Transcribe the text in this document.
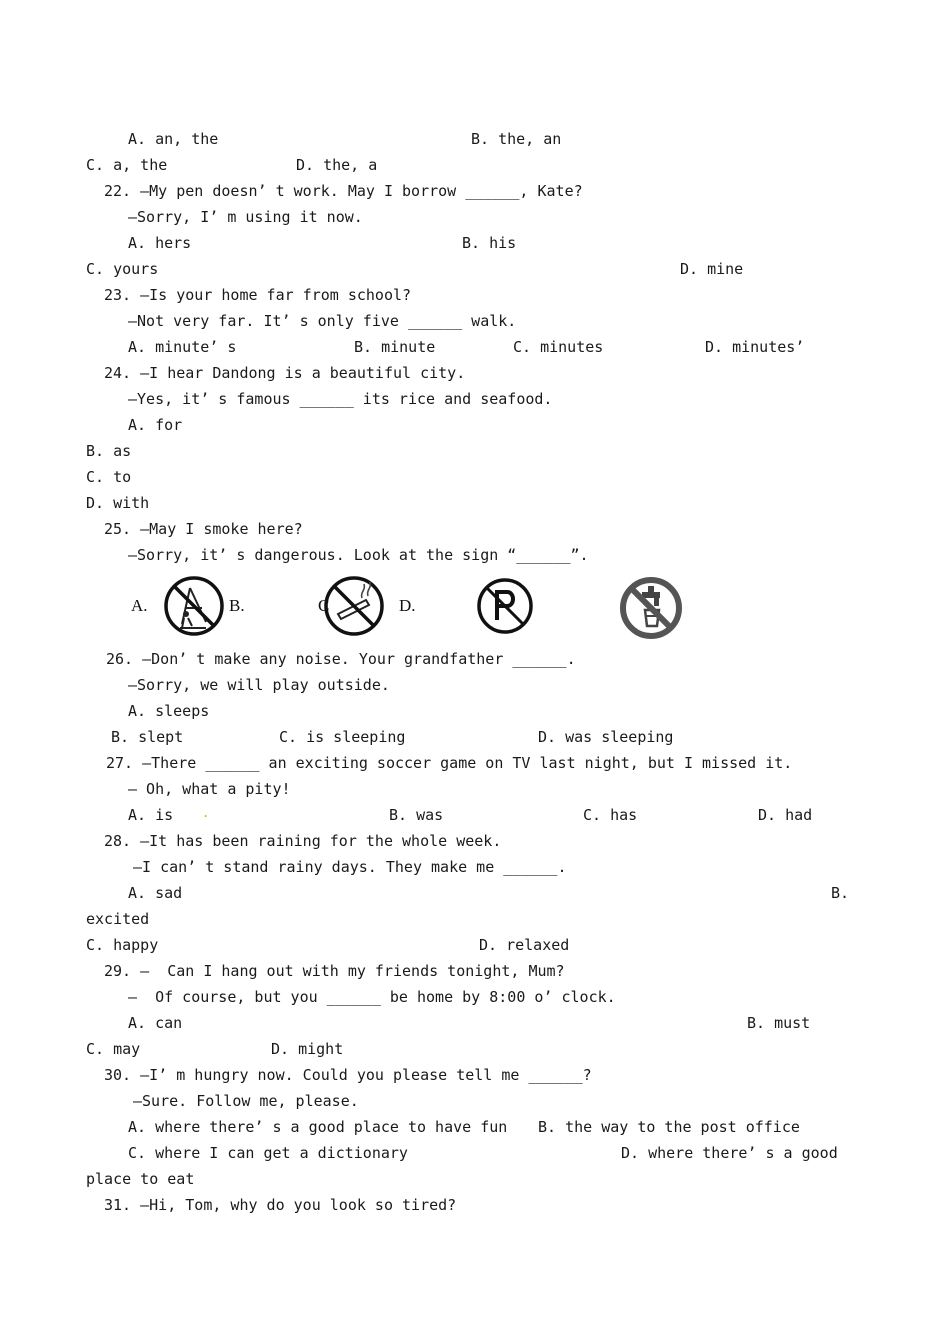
A. an, the	B. the, an
C. a, the	D. the, a
22. —My pen doesn’ t work. May I borrow ______, Kate?
—Sorry, I’ m using it now.
A. hers	B. his
C. yours	D. mine
23. —Is your home far from school?
—Not very far. It’ s only five ______ walk.
A. minute’ s	B. minute	C. minutes	D. minutes’
24. —I hear Dandong is a beautiful city.
—Yes, it’ s famous ______ its rice and seafood.
A. for
B. as
C. to
D. with
25. —May I smoke here?
—Sorry, it’ s dangerous. Look at the sign “______”.
A.	B.	C	D.
26. —Don’ t make any noise. Your grandfather ______.
—Sorry, we will play outside.
A. sleeps
B. slept	C. is sleeping	D. was sleeping
27. —There ______ an exciting soccer game on TV last night, but I missed it.
— Oh, what a pity!
A. is .	B. was	C. has	D. had
28. —It has been raining for the whole week.
—I can’ t stand rainy days. They make me ______.
A. sad	B.
excited
C. happy	D. relaxed
29. —  Can I hang out with my friends tonight, Mum?
—  Of course, but you ______ be home by 8:00 o’ clock.
A. can	B. must
C. may	D. might
30. —I’ m hungry now. Could you please tell me ______?
—Sure. Follow me, please.
A. where there’ s a good place to have fun B. the way to the post office
C. where I can get a dictionary	D. where there’ s a good
place to eat
31. —Hi, Tom, why do you look so tired?
